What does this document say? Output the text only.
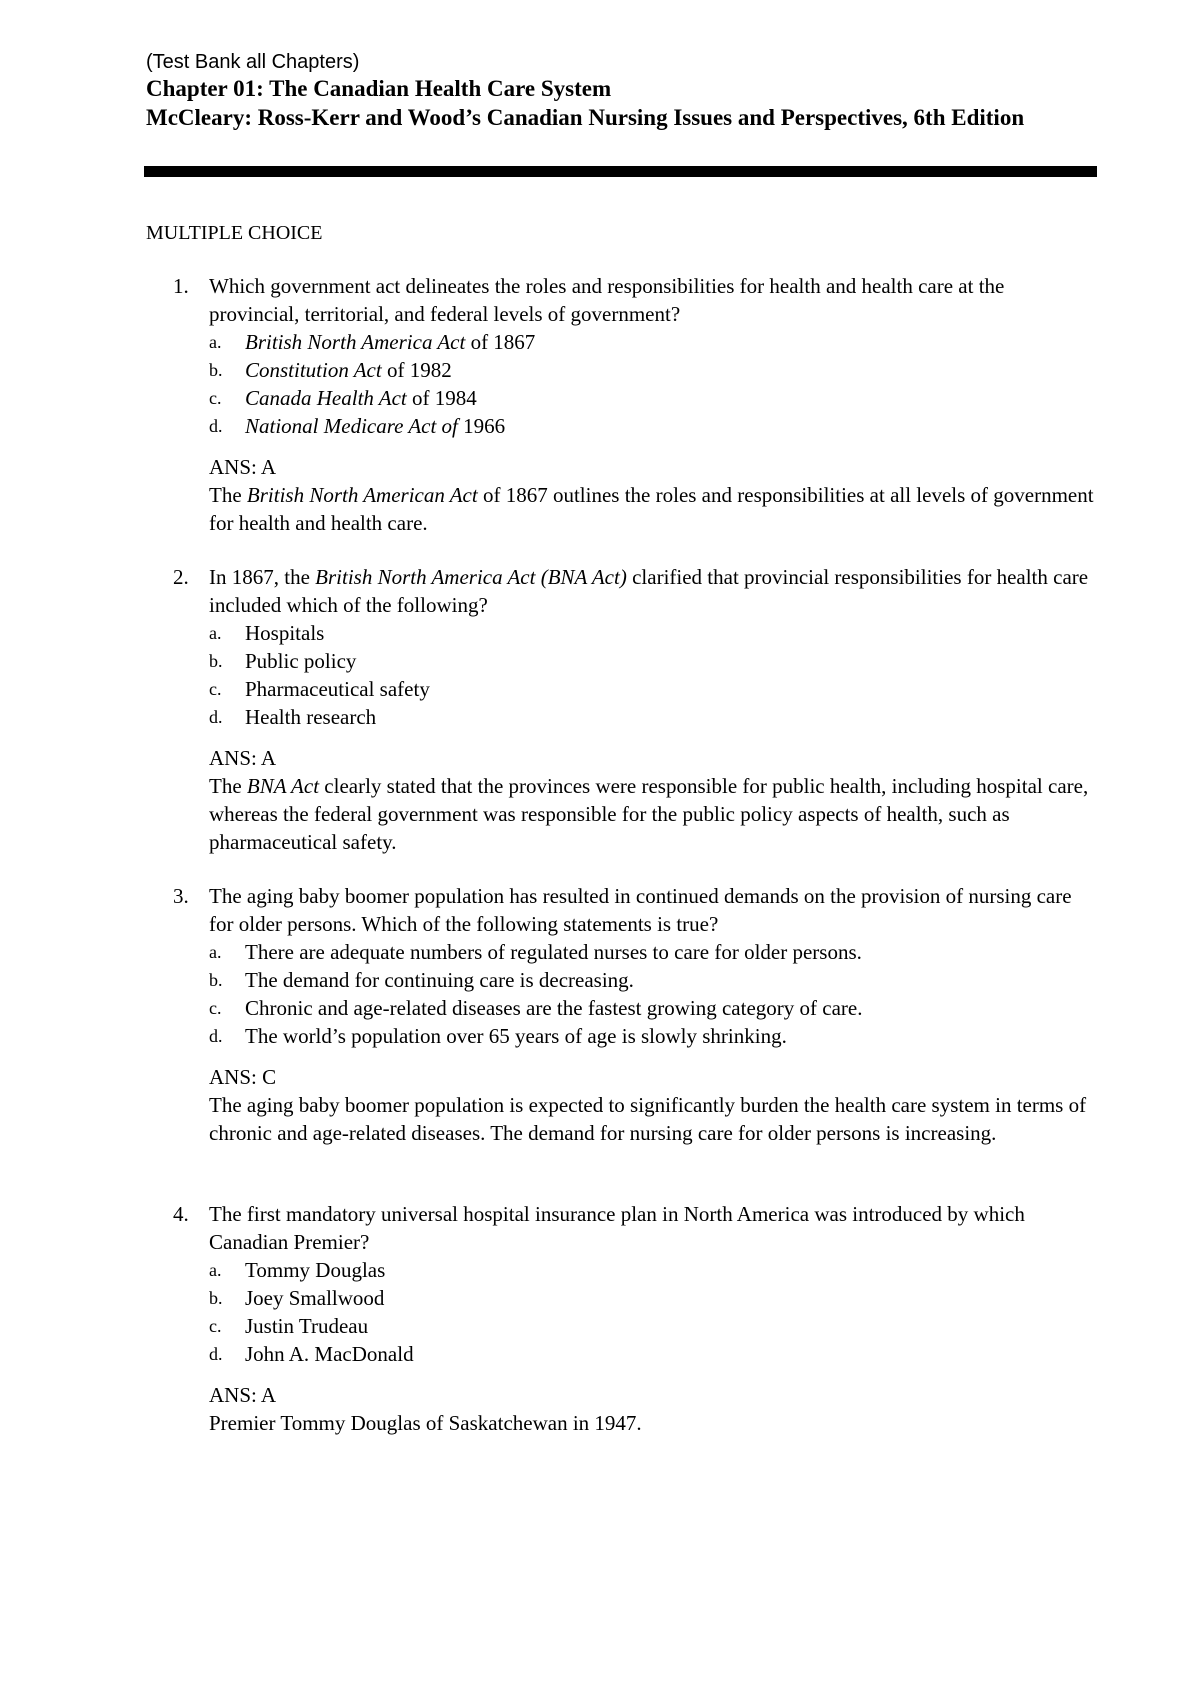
(Test Bank all Chapters)

Chapter 01: The Canadian Health Care System

McCleary: Ross-Kerr and Wood’s Canadian Nursing Issues and Perspectives, 6th Edition

MULTIPLE CHOICE
1. Which government act delineates the roles and responsibilities for health and health care at the provincial, territorial, and federal levels of government?
a. British North America Act of 1867
b. Constitution Act of 1982
c. Canada Health Act of 1984
d. National Medicare Act of 1966
ANS: A
The British North American Act of 1867 outlines the roles and responsibilities at all levels of government for health and health care.
2. In 1867, the British North America Act (BNA Act) clarified that provincial responsibilities for health care included which of the following?
a. Hospitals
b. Public policy
c. Pharmaceutical safety
d. Health research
ANS: A
The BNA Act clearly stated that the provinces were responsible for public health, including hospital care, whereas the federal government was responsible for the public policy aspects of health, such as pharmaceutical safety.
3. The aging baby boomer population has resulted in continued demands on the provision of nursing care for older persons. Which of the following statements is true?
a. There are adequate numbers of regulated nurses to care for older persons.
b. The demand for continuing care is decreasing.
c. Chronic and age-related diseases are the fastest growing category of care.
d. The world’s population over 65 years of age is slowly shrinking.
ANS: C
The aging baby boomer population is expected to significantly burden the health care system in terms of chronic and age-related diseases. The demand for nursing care for older persons is increasing.
4. The first mandatory universal hospital insurance plan in North America was introduced by which Canadian Premier?
a. Tommy Douglas
b. Joey Smallwood
c. Justin Trudeau
d. John A. MacDonald
ANS: A
Premier Tommy Douglas of Saskatchewan in 1947.
